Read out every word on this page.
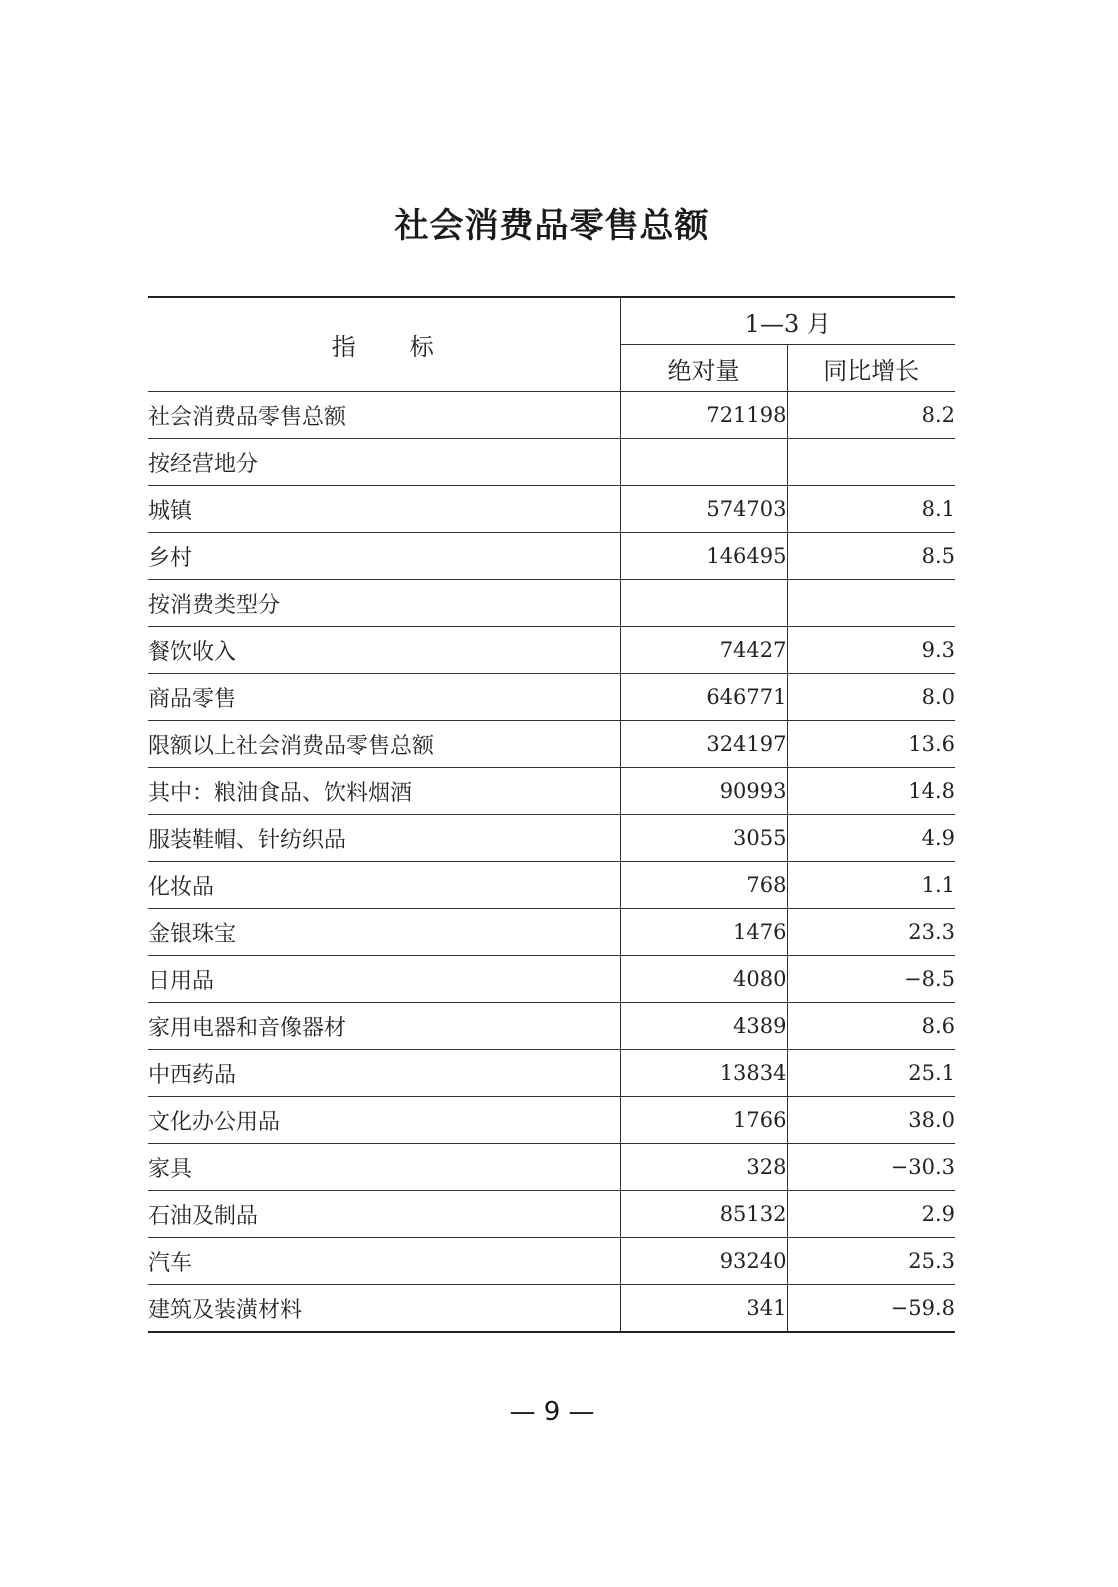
社会消费品零售总额
指 标	1—3 月	
	绝对量	同比增长
社会消费品零售总额	721198	8.2
按经营地分		
城镇	574703	8.1
乡村	146495	8.5
按消费类型分		
餐饮收入	74427	9.3
商品零售	646771	8.0
限额以上社会消费品零售总额	324197	13.6
其中：粮油食品、饮料烟酒	90993	14.8
服装鞋帽、针纺织品	3055	4.9
化妆品	768	1.1
金银珠宝	1476	23.3
日用品	4080	−8.5
家用电器和音像器材	4389	8.6
中西药品	13834	25.1
文化办公用品	1766	38.0
家具	328	−30.3
石油及制品	85132	2.9
汽车	93240	25.3
建筑及装潢材料	341	−59.8
— 9 —
